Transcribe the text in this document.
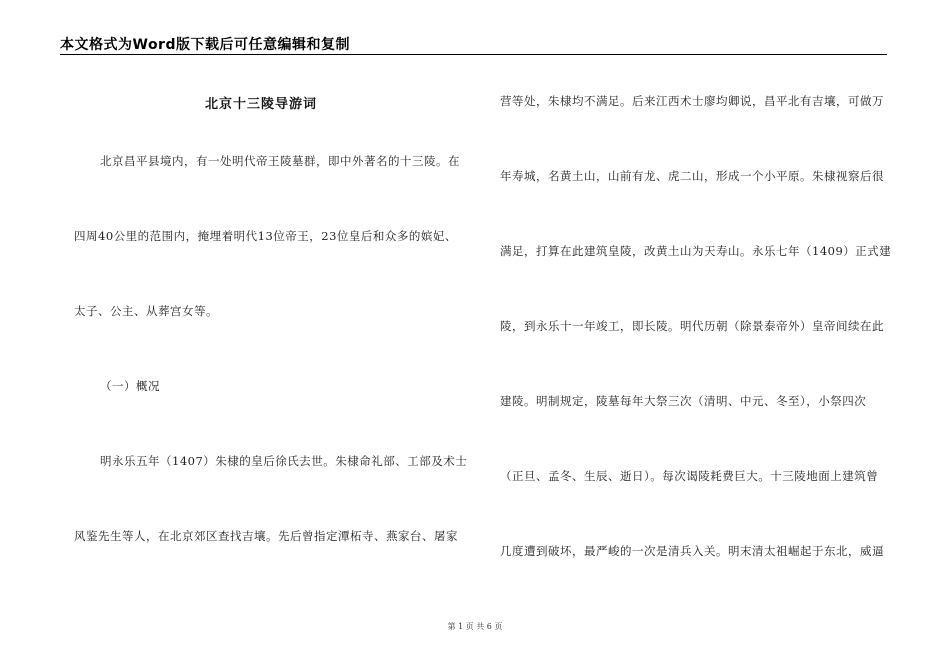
本文格式为Word版下载后可任意编辑和复制
北京十三陵导游词
北京昌平县境内，有一处明代帝王陵墓群，即中外著名的十三陵。在
四周40公里的范围内，掩埋着明代13位帝王，23位皇后和众多的嫔妃、
太子、公主、从葬宫女等。
（一）概况
明永乐五年（1407）朱棣的皇后徐氏去世。朱棣命礼部、工部及术士
风鉴先生等人，在北京郊区查找吉壤。先后曾指定潭柘寺、燕家台、屠家
营等处，朱棣均不满足。后来江西术士廖均卿说，昌平北有吉壤，可做万
年寿城，名黄土山，山前有龙、虎二山，形成一个小平原。朱棣视察后很
满足，打算在此建筑皇陵，改黄土山为天寿山。永乐七年（1409）正式建
陵，到永乐十一年竣工，即长陵。明代历朝（除景泰帝外）皇帝间续在此
建陵。明制规定，陵墓每年大祭三次（清明、中元、冬至），小祭四次
（正旦、孟冬、生辰、逝日）。每次谒陵耗费巨大。十三陵地面上建筑曾
几度遭到破坏，最严峻的一次是清兵入关。明末清太祖崛起于东北，威逼
第 1 页 共 6 页
